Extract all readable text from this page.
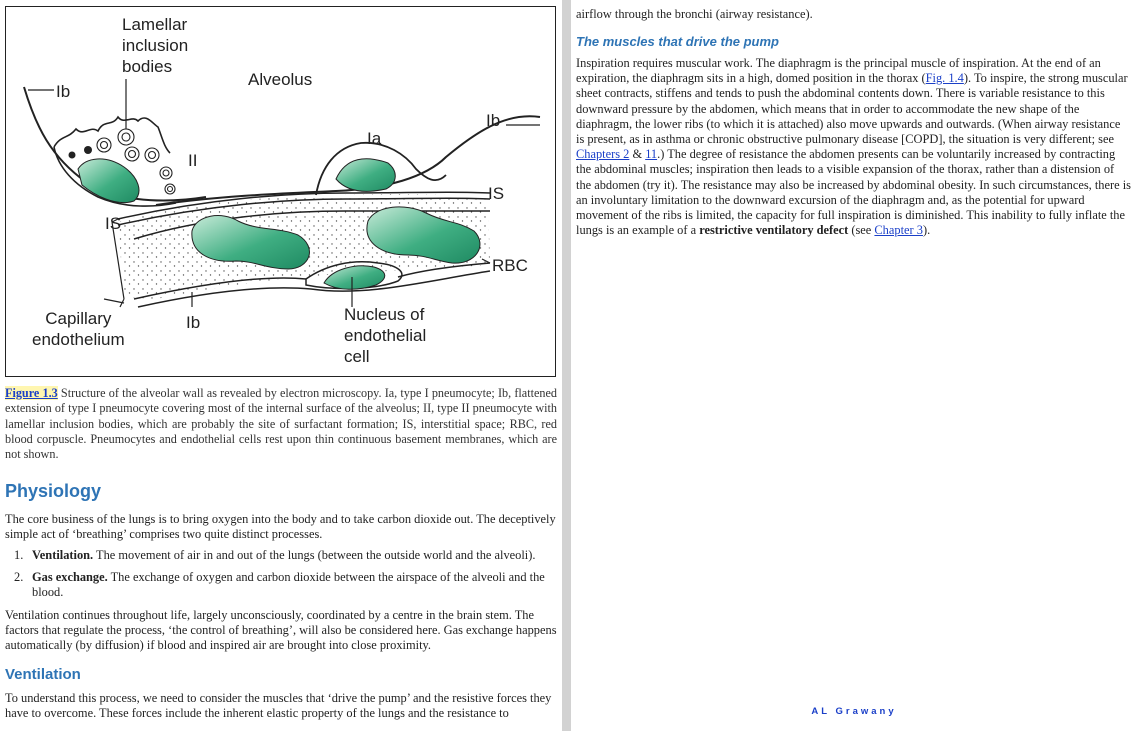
Lamellar
inclusion
bodies
Alveolus
Ib
Ib
Ia
II
IS
IS
RBC
Capillary
endothelium
Ib	Nucleus of
endothelial
cell
Figure 1.3 Structure of the alveolar wall as revealed by electron microscopy. Ia, type I pneumocyte; Ib, flattened extension of type I pneumocyte covering most of the internal surface of the alveolus; II, type II pneumocyte with lamellar inclusion bodies, which are probably the site of surfactant formation; IS, interstitial space; RBC, red blood corpuscle. Pneumocytes and endothelial cells rest upon thin continuous basement membranes, which are not shown.
Physiology

The core business of the lungs is to bring oxygen into the body and to take carbon dioxide out. The deceptively simple act of ‘breathing’ comprises two quite distinct processes.

1. Ventilation. The movement of air in and out of the lungs (between the outside world and the alveoli).
2. Gas exchange. The exchange of oxygen and carbon dioxide between the airspace of the alveoli and the blood.

Ventilation continues throughout life, largely unconsciously, coordinated by a centre in the brain stem. The factors that regulate the process, ‘the control of breathing’, will also be considered here. Gas exchange happens automatically (by diffusion) if blood and inspired air are brought into close proximity.

Ventilation

To understand this process, we need to consider the muscles that ‘drive the pump’ and the resistive forces they have to overcome. These forces include the inherent elastic property of the lungs and the resistance to

airflow through the bronchi (airway resistance).

The muscles that drive the pump

Inspiration requires muscular work. The diaphragm is the principal muscle of inspiration. At the end of an expiration, the diaphragm sits in a high, domed position in the thorax (Fig. 1.4). To inspire, the strong muscular sheet contracts, stiffens and tends to push the abdominal contents down. There is variable resistance to this downward pressure by the abdomen, which means that in order to accommodate the new shape of the diaphragm, the lower ribs (to which it is attached) also move upwards and outwards. (When airway resistance is present, as in asthma or chronic obstructive pulmonary disease [COPD], the situation is very different; see Chapters 2 & 11.) The degree of resistance the abdomen presents can be voluntarily increased by contracting the abdominal muscles; inspiration then leads to a visible expansion of the thorax, rather than a distension of the abdomen (try it). The resistance may also be increased by abdominal obesity. In such circumstances, there is an involuntary limitation to the downward excursion of the diaphragm and, as the potential for upward movement of the ribs is limited, the capacity for full inspiration is diminished. This inability to fully inflate the lungs is an example of a restrictive ventilatory defect (see Chapter 3).

AL Grawany
